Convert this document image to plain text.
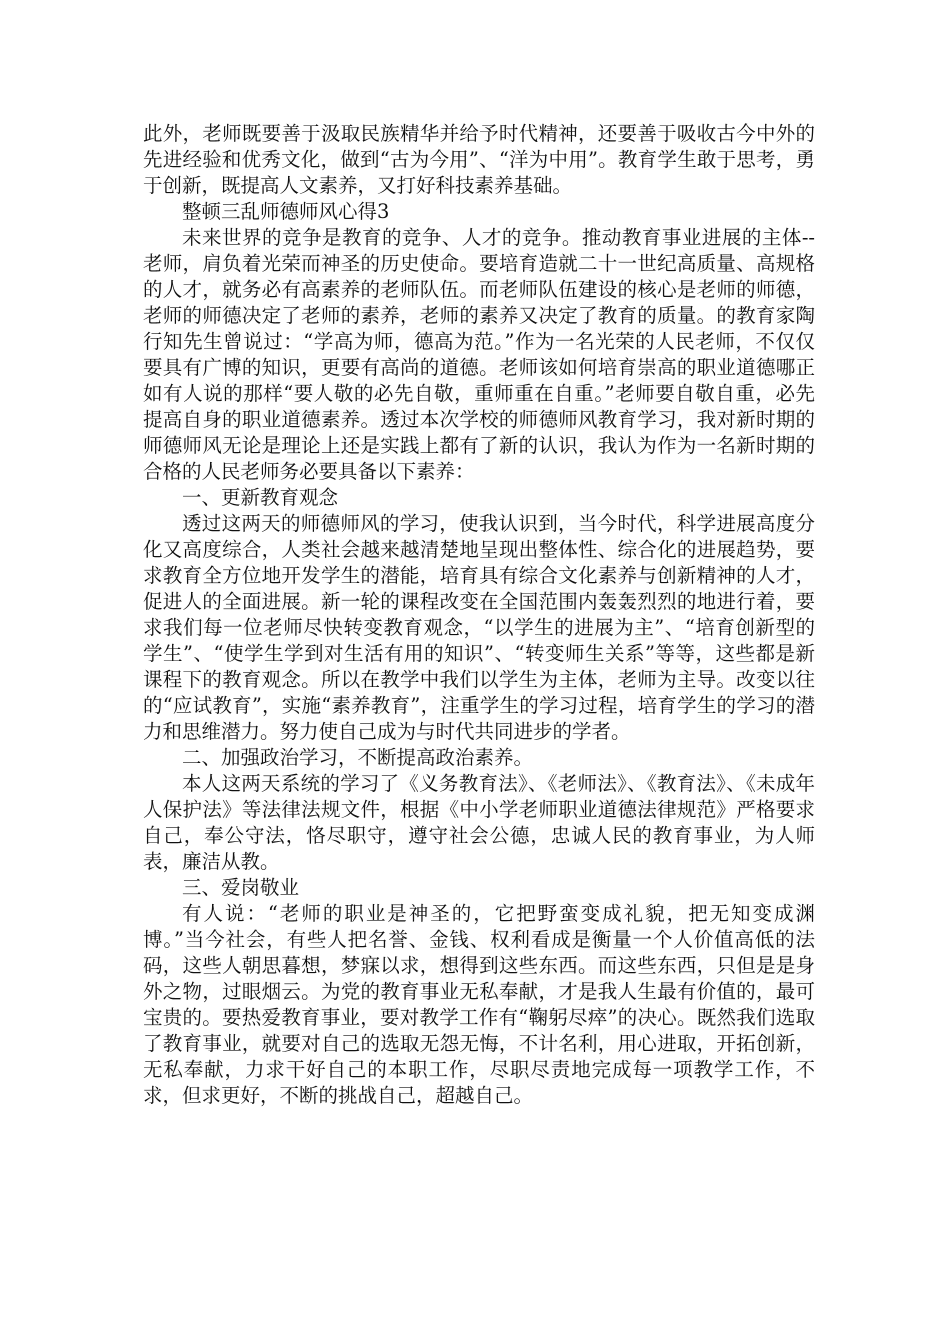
此外，老师既要善于汲取民族精华并给予时代精神，还要善于吸收古今中外的先进经验和优秀文化，做到“古为今用”、“洋为中用”。教育学生敢于思考，勇于创新，既提高人文素养，又打好科技素养基础。

整顿三乱师德师风心得3

未来世界的竞争是教育的竞争、人才的竞争。推动教育事业进展的主体--老师，肩负着光荣而神圣的历史使命。要培育造就二十一世纪高质量、高规格的人才，就务必有高素养的老师队伍。而老师队伍建设的核心是老师的师德，老师的师德决定了老师的素养，老师的素养又决定了教育的质量。的教育家陶行知先生曾说过：“学高为师，德高为范。”作为一名光荣的人民老师，不仅仅要具有广博的知识，更要有高尚的道德。老师该如何培育崇高的职业道德哪正如有人说的那样“要人敬的必先自敬，重师重在自重。”老师要自敬自重，必先提高自身的职业道德素养。透过本次学校的师德师风教育学习，我对新时期的师德师风无论是理论上还是实践上都有了新的认识，我认为作为一名新时期的合格的人民老师务必要具备以下素养：

一、更新教育观念

透过这两天的师德师风的学习，使我认识到，当今时代，科学进展高度分化又高度综合，人类社会越来越清楚地呈现出整体性、综合化的进展趋势，要求教育全方位地开发学生的潜能，培育具有综合文化素养与创新精神的人才，促进人的全面进展。新一轮的课程改变在全国范围内轰轰烈烈的地进行着，要求我们每一位老师尽快转变教育观念，“以学生的进展为主”、“培育创新型的学生”、“使学生学到对生活有用的知识”、“转变师生关系”等等，这些都是新课程下的教育观念。所以在教学中我们以学生为主体，老师为主导。改变以往的“应试教育”，实施“素养教育”，注重学生的学习过程，培育学生的学习的潜力和思维潜力。努力使自己成为与时代共同进步的学者。

二、加强政治学习，不断提高政治素养。

本人这两天系统的学习了《义务教育法》、《老师法》、《教育法》、《未成年人保护法》等法律法规文件，根据《中小学老师职业道德法律规范》严格要求自己，奉公守法，恪尽职守，遵守社会公德，忠诚人民的教育事业，为人师表，廉洁从教。

三、爱岗敬业

有人说：“老师的职业是神圣的，它把野蛮变成礼貌，把无知变成渊博。”当今社会，有些人把名誉、金钱、权利看成是衡量一个人价值高低的法码，这些人朝思暮想，梦寐以求，想得到这些东西。而这些东西，只但是是身外之物，过眼烟云。为党的教育事业无私奉献，才是我人生最有价值的，最可宝贵的。要热爱教育事业，要对教学工作有“鞠躬尽瘁”的决心。既然我们选取了教育事业，就要对自己的选取无怨无悔，不计名利，用心进取，开拓创新，无私奉献，力求干好自己的本职工作，尽职尽责地完成每一项教学工作，不求，但求更好，不断的挑战自己，超越自己。
